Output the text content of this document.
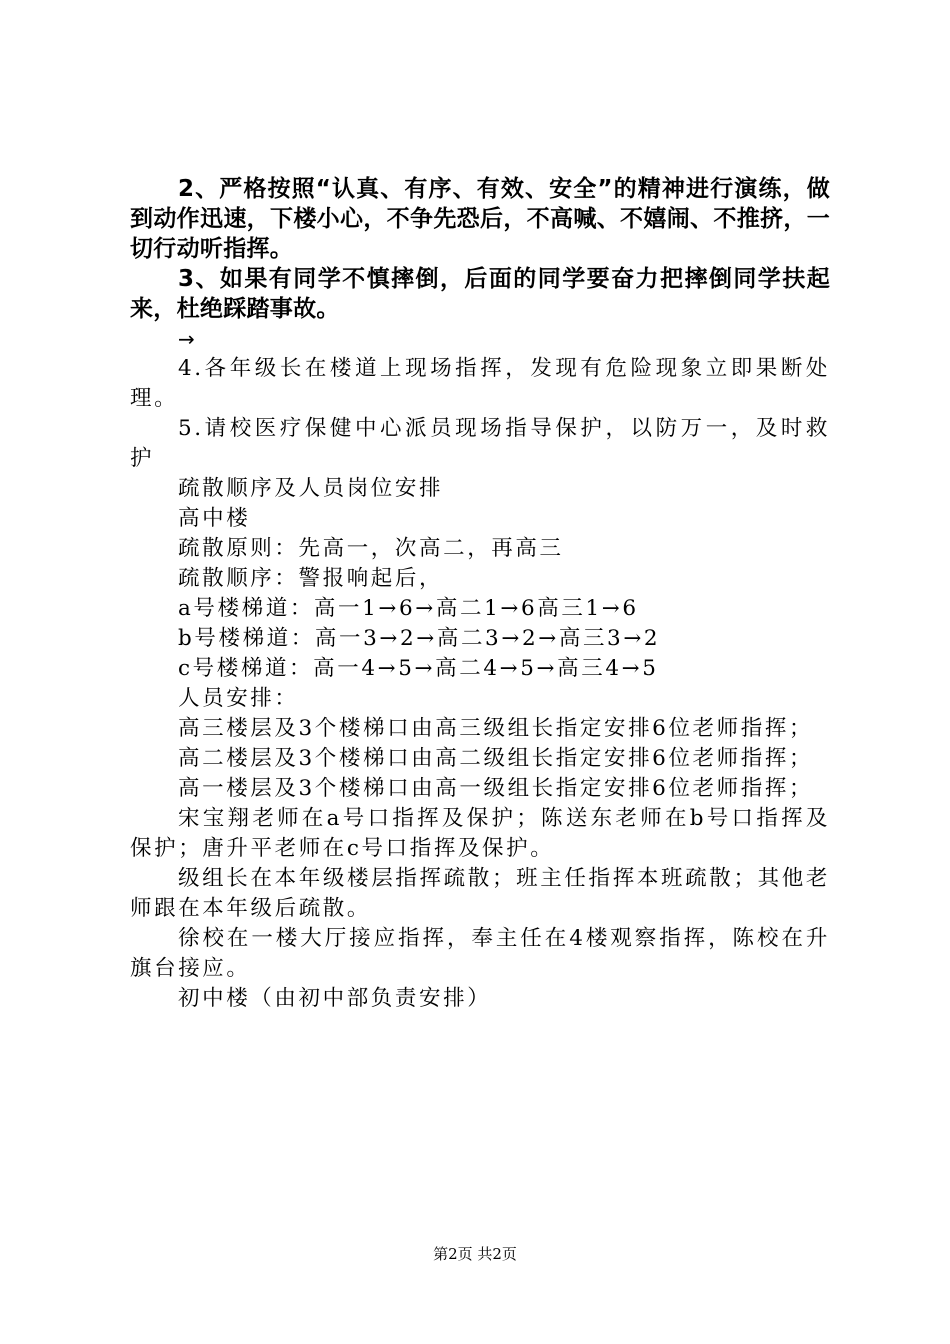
2、严格按照“认真、有序、有效、安全”的精神进行演练，做到动作迅速，下楼小心，不争先恐后，不高喊、不嬉闹、不推挤，一切行动听指挥。

3、如果有同学不慎摔倒，后面的同学要奋力把摔倒同学扶起来，杜绝踩踏事故。

→

4.各年级长在楼道上现场指挥，发现有危险现象立即果断处理。

5.请校医疗保健中心派员现场指导保护，以防万一，及时救护

疏散顺序及人员岗位安排
高中楼
疏散原则：先高一，次高二，再高三
疏散顺序：警报响起后，
a号楼梯道：高一1→6→高二1→6高三1→6
b号楼梯道：高一3→2→高二3→2→高三3→2
c号楼梯道：高一4→5→高二4→5→高三4→5
人员安排：

高三楼层及3个楼梯口由高三级组长指定安排6位老师指挥；

高二楼层及3个楼梯口由高二级组长指定安排6位老师指挥；

高一楼层及3个楼梯口由高一级组长指定安排6位老师指挥；

宋宝翔老师在a号口指挥及保护；陈送东老师在b号口指挥及保护；唐升平老师在c号口指挥及保护。

级组长在本年级楼层指挥疏散；班主任指挥本班疏散；其他老师跟在本年级后疏散。

徐校在一楼大厅接应指挥，奉主任在4楼观察指挥，陈校在升旗台接应。

初中楼（由初中部负责安排）
第2页 共2页
